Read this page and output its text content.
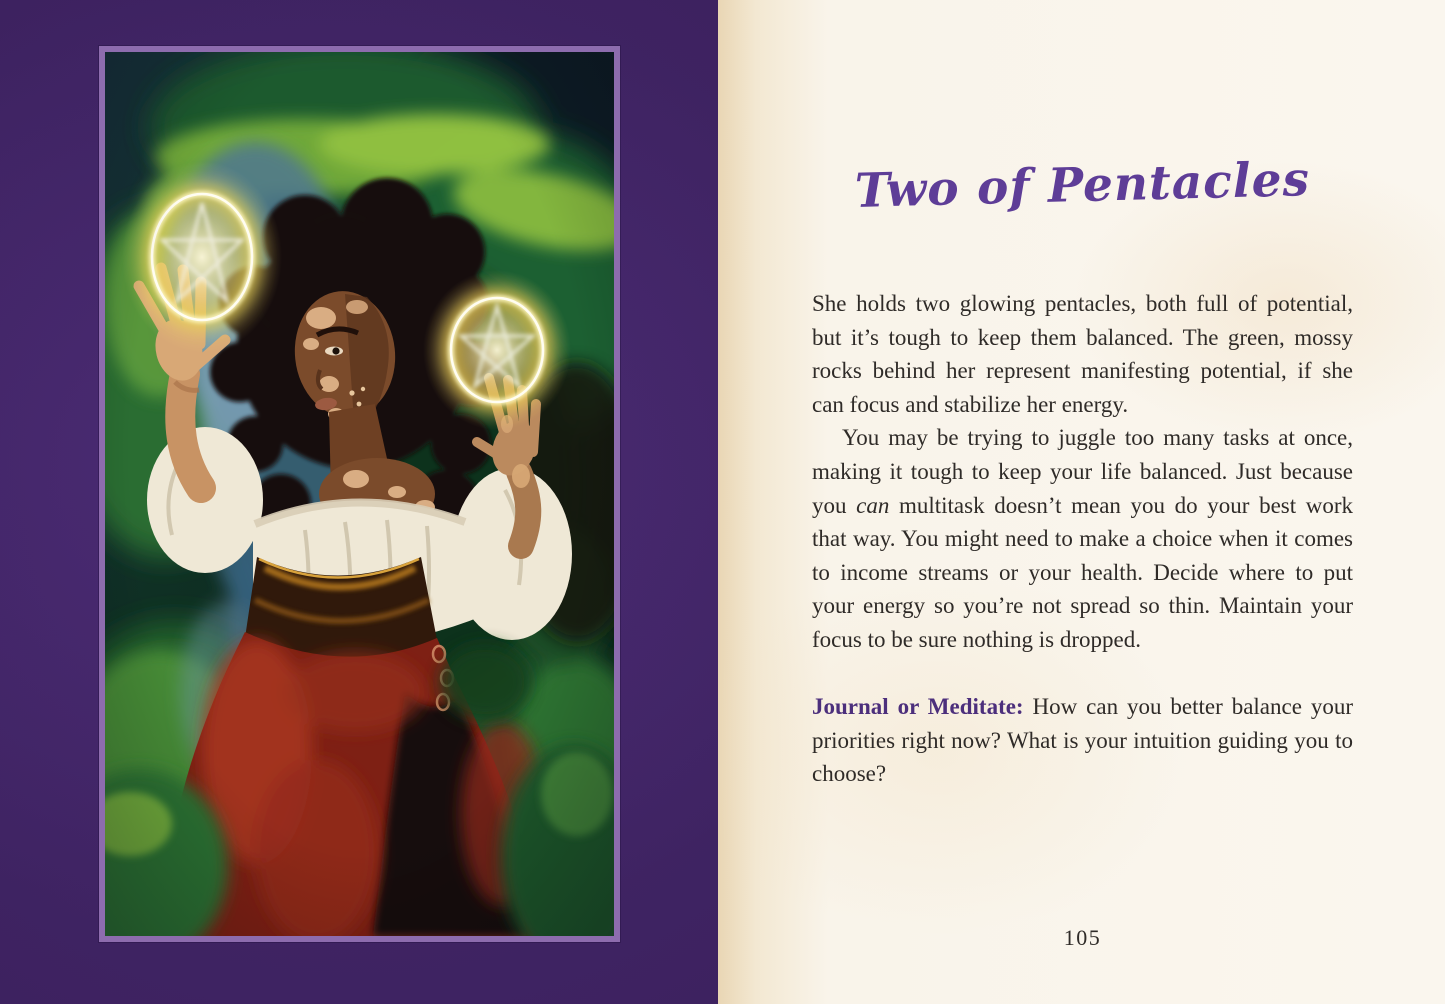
Two of Pentacles

She holds two glowing pentacles, both full of potential, but it’s tough to keep them balanced. The green, mossy rocks behind her represent manifesting potential, if she can focus and stabilize her energy.

You may be trying to juggle too many tasks at once, making it tough to keep your life balanced. Just because you can multitask doesn’t mean you do your best work that way. You might need to make a choice when it comes to income streams or your health. Decide where to put your energy so you’re not spread so thin. Maintain your focus to be sure nothing is dropped.

Journal or Meditate: How can you better balance your priorities right now? What is your intuition guiding you to choose?

105
